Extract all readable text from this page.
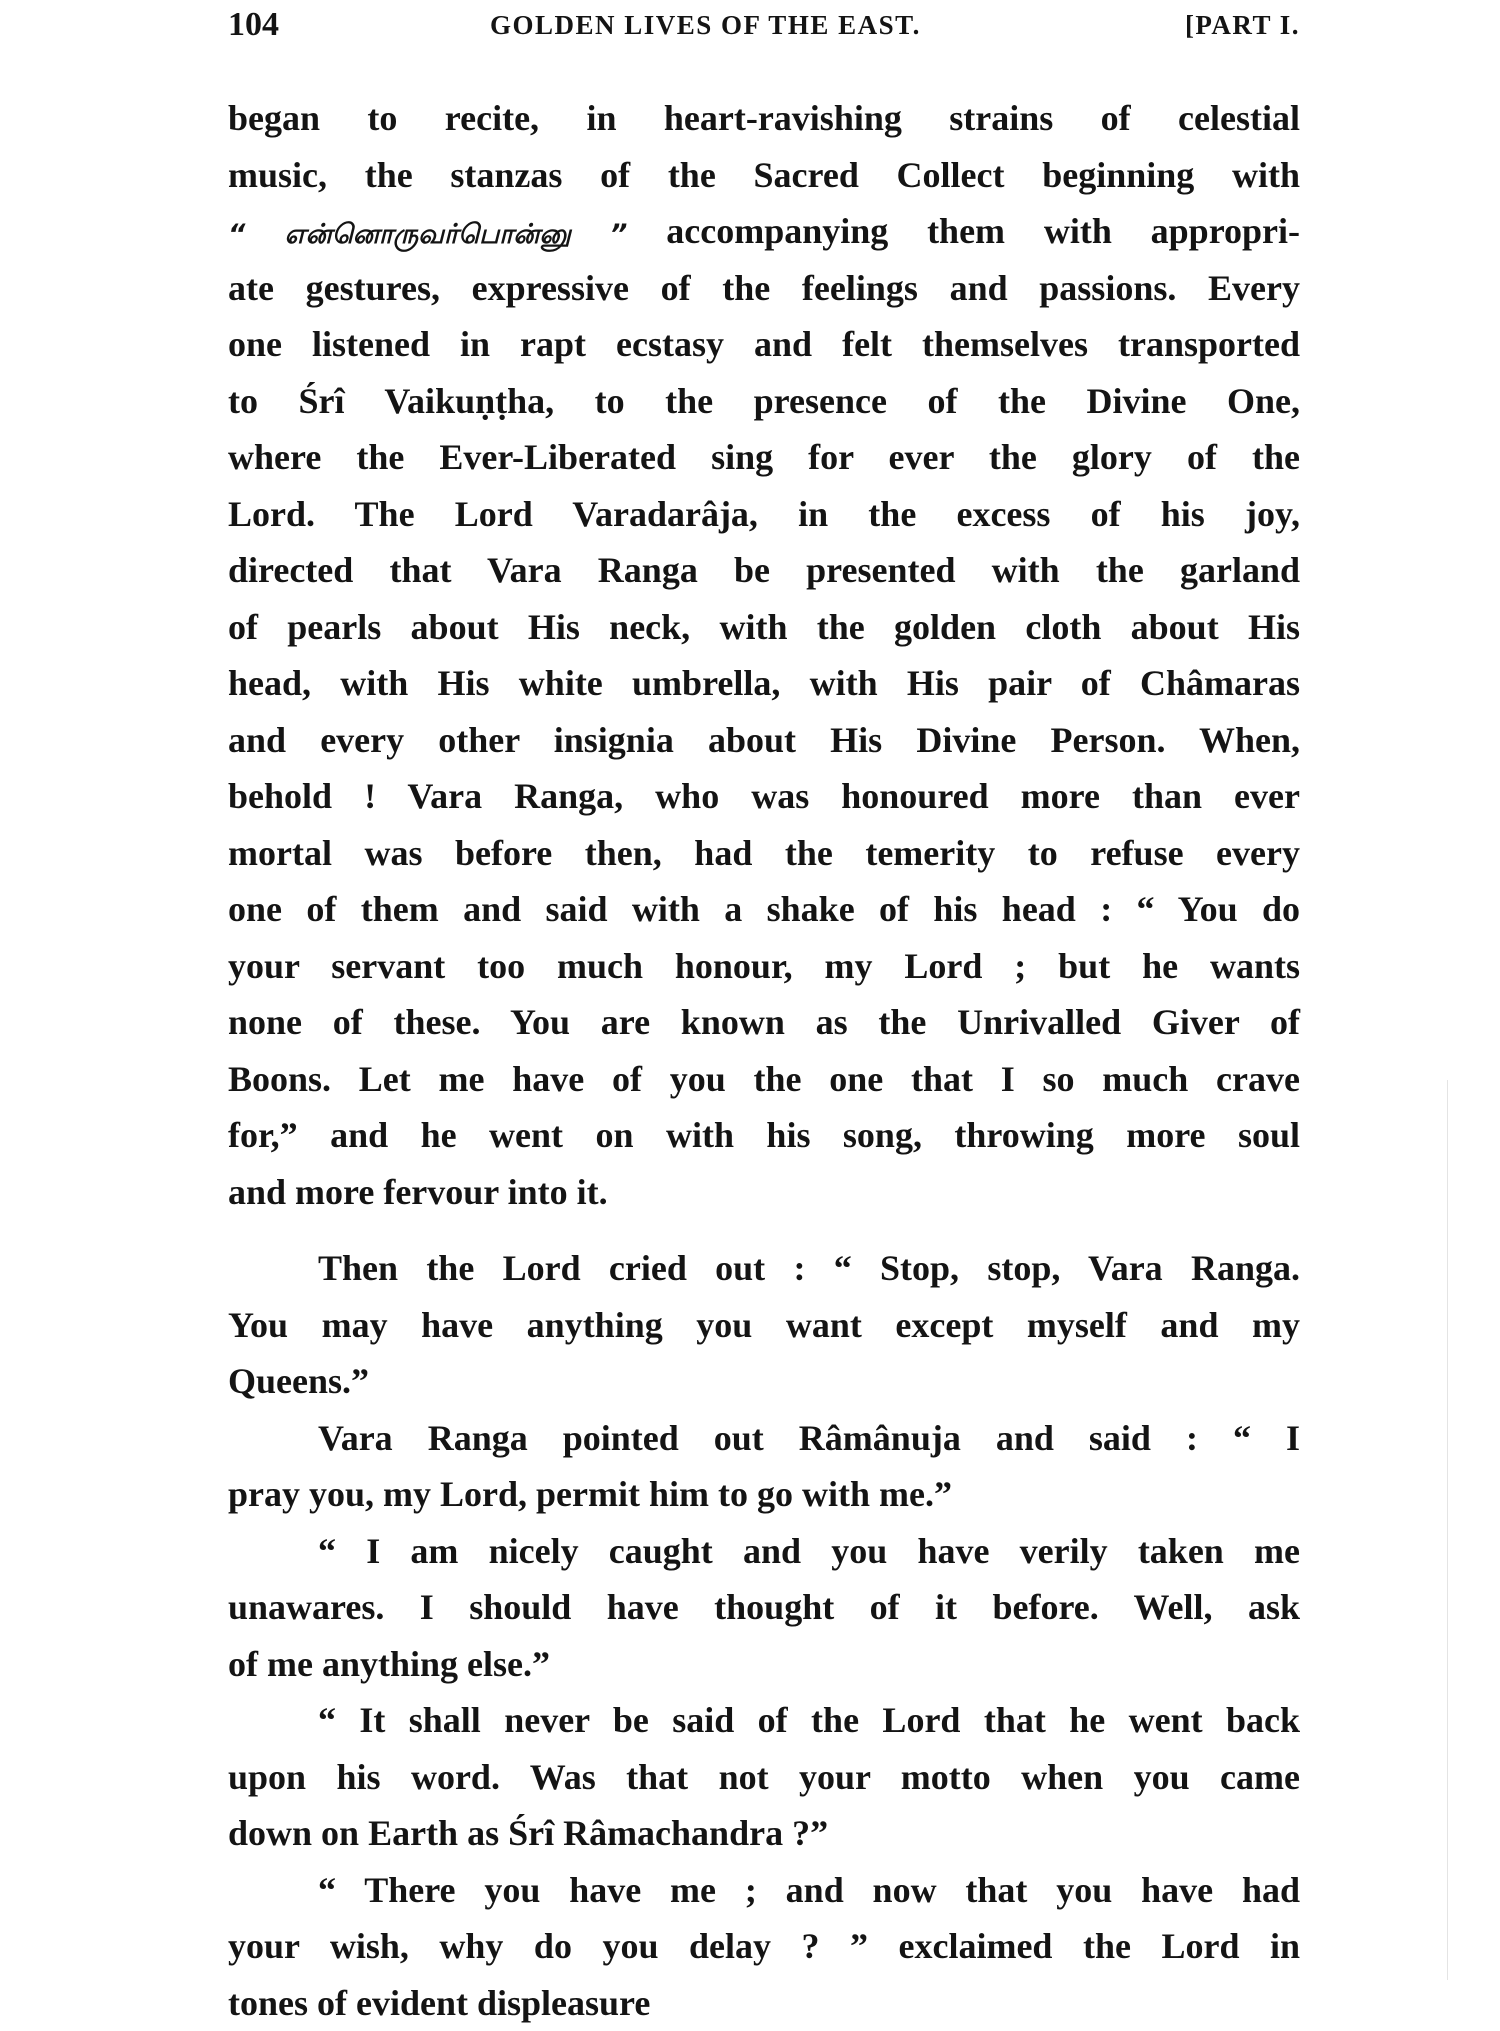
104	GOLDEN LIVES OF THE EAST.	[PART I.
began to recite, in heart-ravishing strains of celestial
music, the stanzas of the Sacred Collect beginning with
“ என்னொருவர்பொன்னு ” accompanying them with appropri-
ate gestures, expressive of the feelings and passions. Every
one listened in rapt ecstasy and felt themselves transported
to Śrî Vaikuṇṭha, to the presence of the Divine One,
where the Ever-Liberated sing for ever the glory of the
Lord. The Lord Varadarâja, in the excess of his joy,
directed that Vara Ranga be presented with the garland
of pearls about His neck, with the golden cloth about His
head, with His white umbrella, with His pair of Châmaras
and every other insignia about His Divine Person. When,
behold ! Vara Ranga, who was honoured more than ever
mortal was before then, had the temerity to refuse every
one of them and said with a shake of his head : “ You do
your servant too much honour, my Lord ; but he wants
none of these. You are known as the Unrivalled Giver of
Boons. Let me have of you the one that I so much crave
for,” and he went on with his song, throwing more soul
and more fervour into it.
Then the Lord cried out : “ Stop, stop, Vara Ranga.
You may have anything you want except myself and my
Queens.”
Vara Ranga pointed out Râmânuja and said : “ I
pray you, my Lord, permit him to go with me.”
“ I am nicely caught and you have verily taken me
unawares. I should have thought of it before. Well, ask
of me anything else.”
“ It shall never be said of the Lord that he went back
upon his word. Was that not your motto when you came
down on Earth as Śrî Râmachandra ?”
“ There you have me ; and now that you have had
your wish, why do you delay ? ” exclaimed the Lord in
tones of evident displeasure
